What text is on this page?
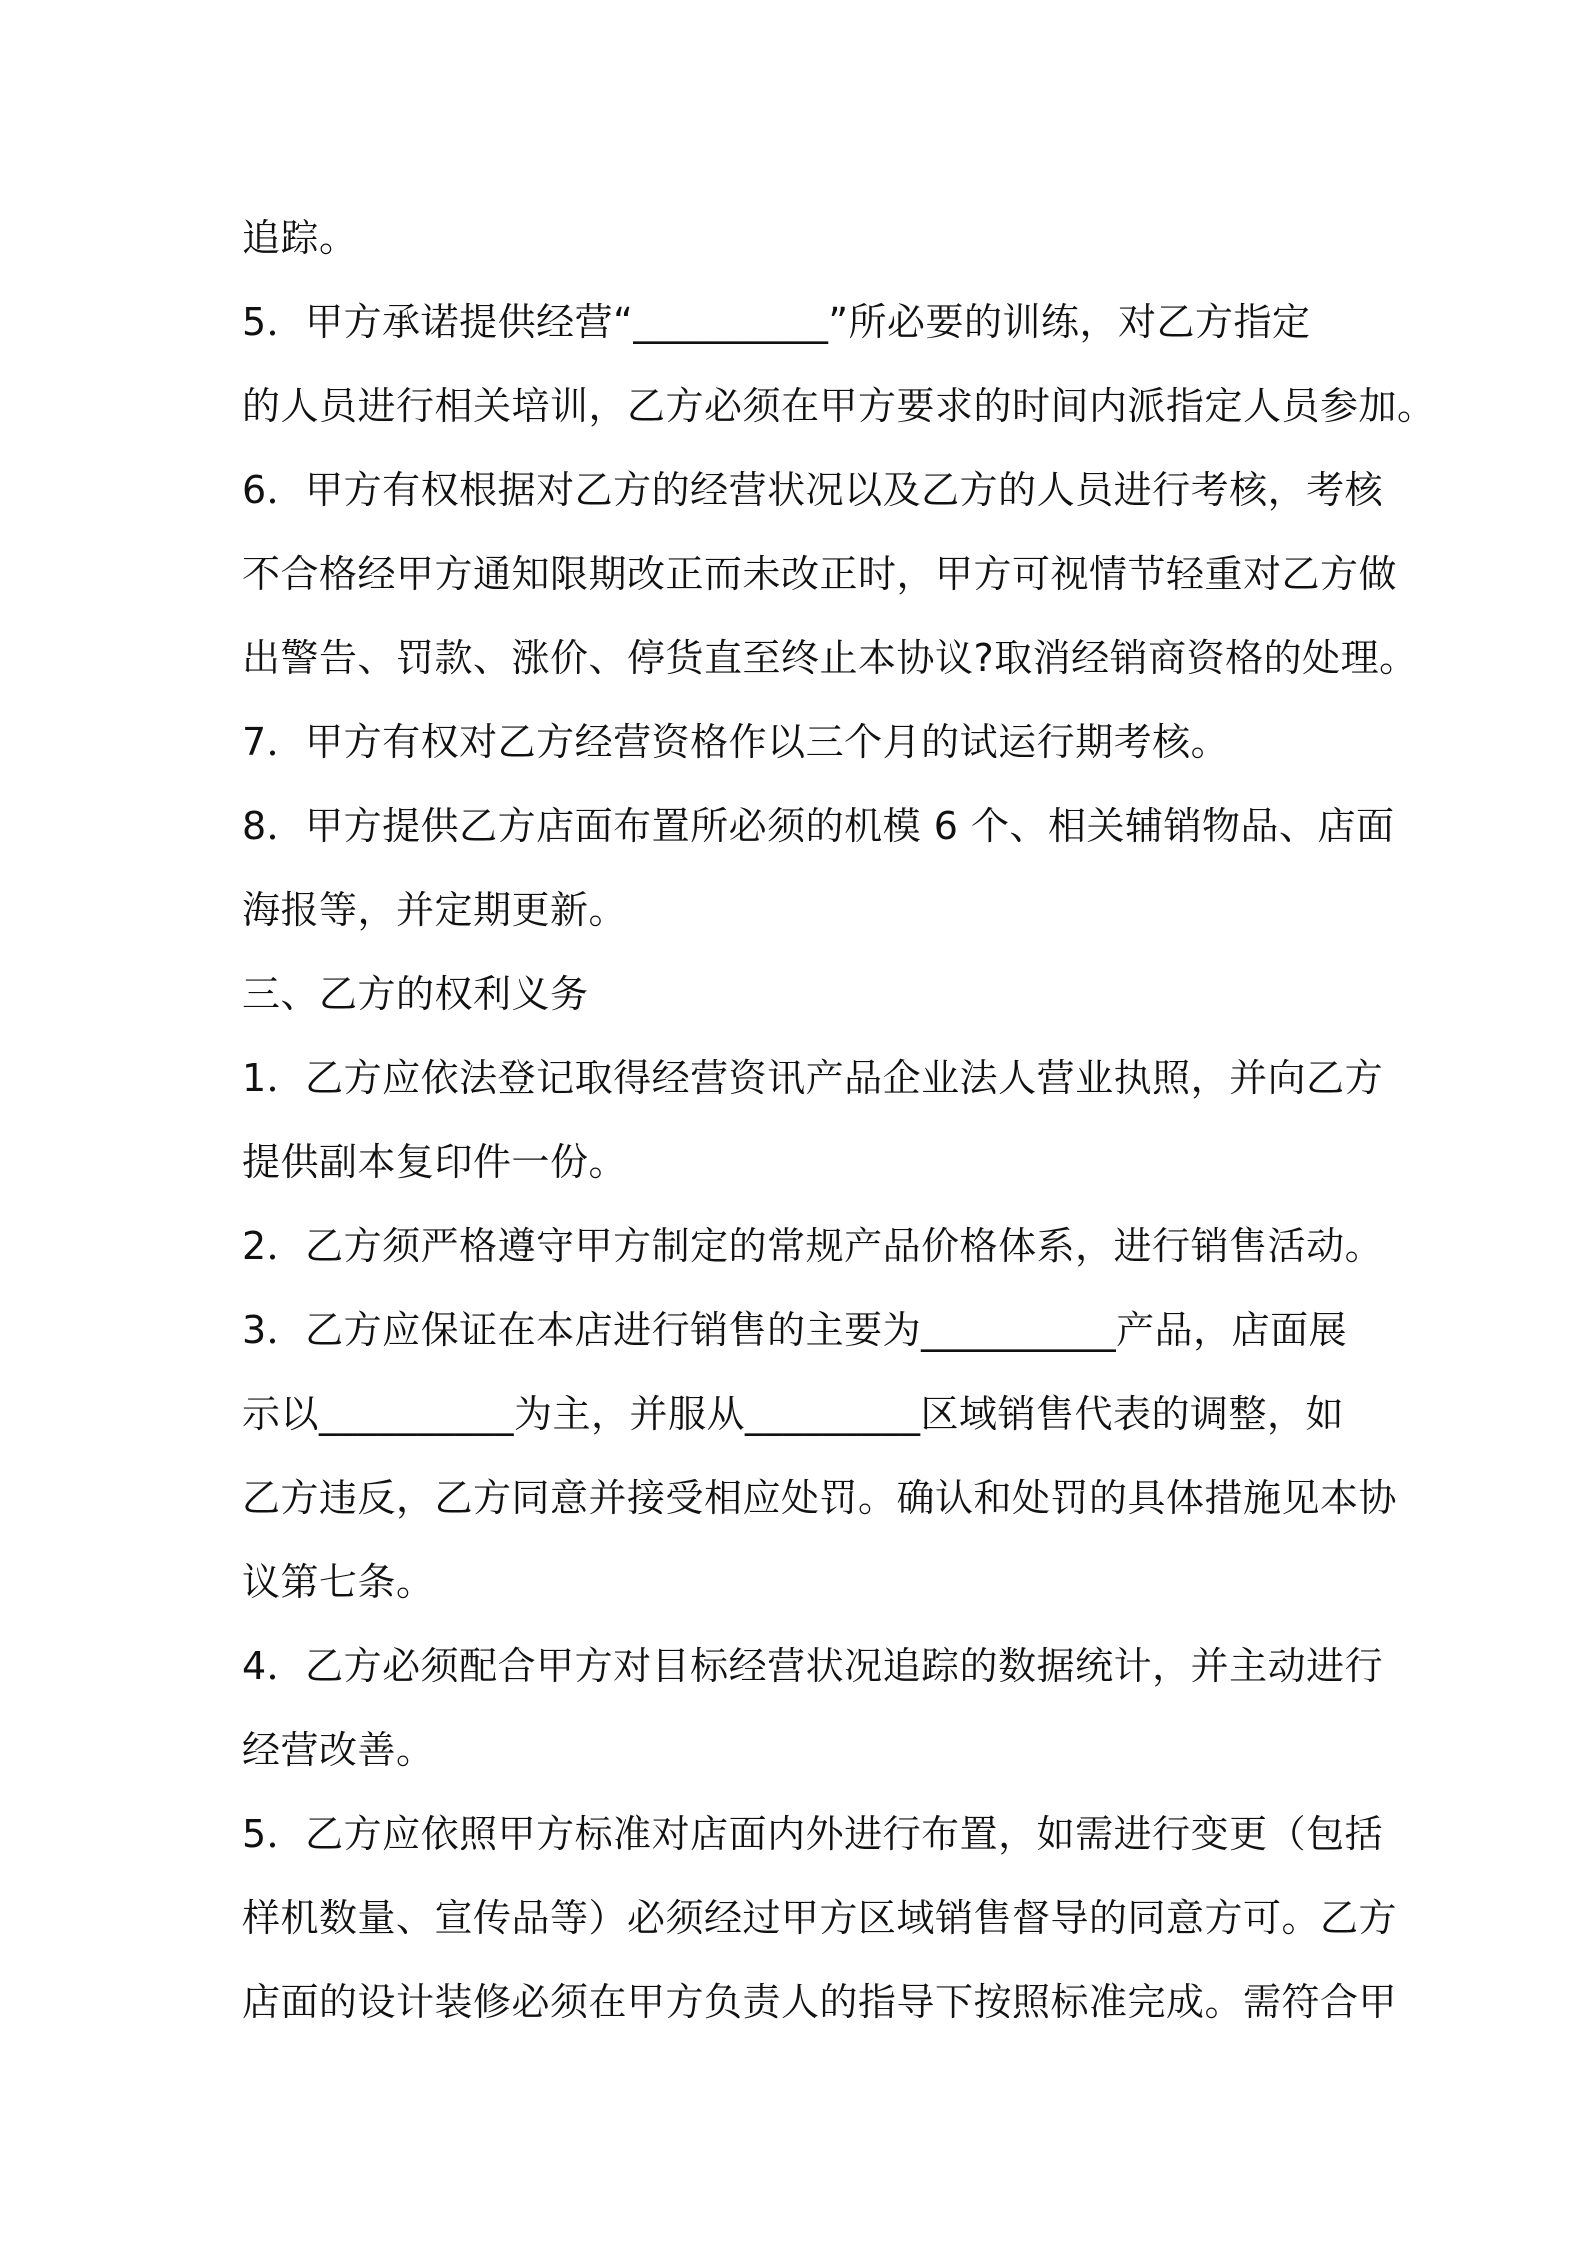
追踪。
5．甲方承诺提供经营“__________”所必要的训练，对乙方指定
的人员进行相关培训，乙方必须在甲方要求的时间内派指定人员参加。
6．甲方有权根据对乙方的经营状况以及乙方的人员进行考核，考核
不合格经甲方通知限期改正而未改正时，甲方可视情节轻重对乙方做
出警告、罚款、涨价、停货直至终止本协议?取消经销商资格的处理。
7．甲方有权对乙方经营资格作以三个月的试运行期考核。
8．甲方提供乙方店面布置所必须的机模 6 个、相关辅销物品、店面
海报等，并定期更新。
三、乙方的权利义务
1．乙方应依法登记取得经营资讯产品企业法人营业执照，并向乙方
提供副本复印件一份。
2．乙方须严格遵守甲方制定的常规产品价格体系，进行销售活动。
3．乙方应保证在本店进行销售的主要为__________产品，店面展
示以__________为主，并服从_________区域销售代表的调整，如
乙方违反，乙方同意并接受相应处罚。确认和处罚的具体措施见本协
议第七条。
4．乙方必须配合甲方对目标经营状况追踪的数据统计，并主动进行
经营改善。
5．乙方应依照甲方标准对店面内外进行布置，如需进行变更（包括
样机数量、宣传品等）必须经过甲方区域销售督导的同意方可。乙方
店面的设计装修必须在甲方负责人的指导下按照标准完成。需符合甲
